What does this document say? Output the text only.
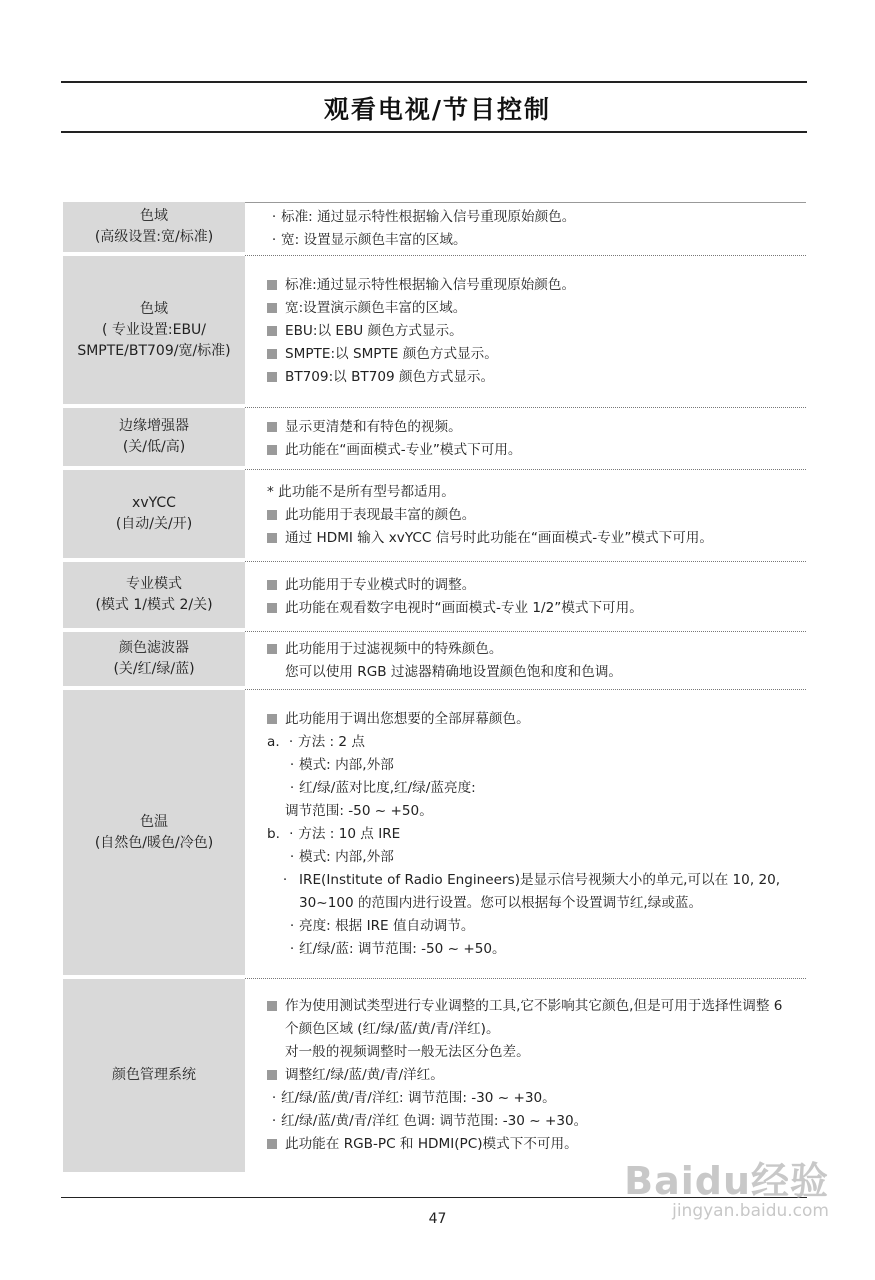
观看电视/节目控制
色域
(高级设置:宽/标准)
· 标准: 通过显示特性根据输入信号重现原始颜色。
· 宽: 设置显示颜色丰富的区域。
色域
( 专业设置:EBU/
SMPTE/BT709/宽/标准)
标准:通过显示特性根据输入信号重现原始颜色。
宽:设置演示颜色丰富的区域。
EBU:以 EBU 颜色方式显示。
SMPTE:以 SMPTE 颜色方式显示。
BT709:以 BT709 颜色方式显示。
边缘增强器
(关/低/高)
显示更清楚和有特色的视频。
此功能在“画面模式-专业”模式下可用。
xvYCC
(自动/关/开)
* 此功能不是所有型号都适用。
此功能用于表现最丰富的颜色。
通过 HDMI 输入 xvYCC 信号时此功能在“画面模式-专业”模式下可用。
专业模式
(模式 1/模式 2/关)
此功能用于专业模式时的调整。
此功能在观看数字电视时“画面模式-专业 1/2”模式下可用。
颜色滤波器
(关/红/绿/蓝)
此功能用于过滤视频中的特殊颜色。
您可以使用 RGB 过滤器精确地设置颜色饱和度和色调。
色温
(自然色/暖色/冷色)
此功能用于调出您想要的全部屏幕颜色。
a. · 方法 : 2 点
· 模式: 内部,外部
· 红/绿/蓝对比度,红/绿/蓝亮度:
调节范围: -50 ~ +50。
b. · 方法 : 10 点 IRE
· 模式: 内部,外部
· IRE(Institute of Radio Engineers)是显示信号视频大小的单元,可以在 10, 20, 30~100 的范围内进行设置。您可以根据每个设置调节红,绿或蓝。
· 亮度: 根据 IRE 值自动调节。
· 红/绿/蓝: 调节范围: -50 ~ +50。
颜色管理系统
作为使用测试类型进行专业调整的工具,它不影响其它颜色,但是可用于选择性调整 6 个颜色区域 (红/绿/蓝/黄/青/洋红)。
对一般的视频调整时一般无法区分色差。
调整红/绿/蓝/黄/青/洋红。
· 红/绿/蓝/黄/青/洋红: 调节范围: -30 ~ +30。
· 红/绿/蓝/黄/青/洋红 色调: 调节范围: -30 ~ +30。
此功能在 RGB-PC 和 HDMI(PC)模式下不可用。
47
Baidu经验
jingyan.baidu.com
